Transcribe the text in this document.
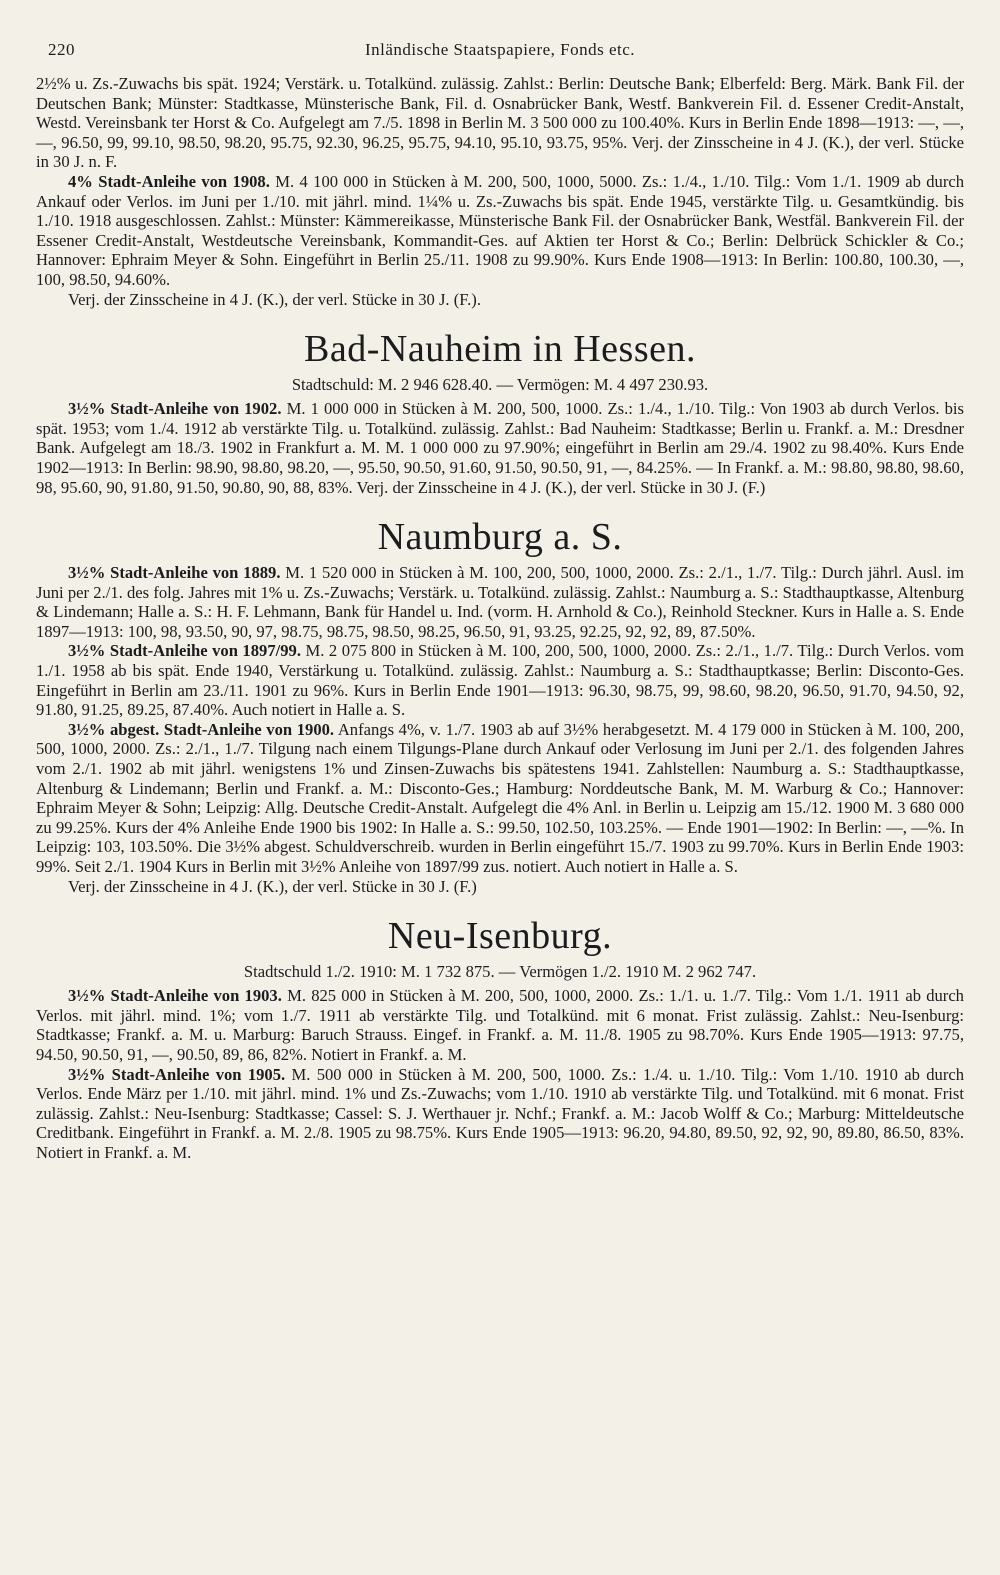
220	Inländische Staatspapiere, Fonds etc.

2½% u. Zs.-Zuwachs bis spät. 1924; Verstärk. u. Totalkünd. zulässig. Zahlst.: Berlin: Deutsche Bank; Elberfeld: Berg. Märk. Bank Fil. der Deutschen Bank; Münster: Stadtkasse, Münsterische Bank, Fil. d. Osnabrücker Bank, Westf. Bankverein Fil. d. Essener Credit-Anstalt, Westd. Vereinsbank ter Horst & Co. Aufgelegt am 7./5. 1898 in Berlin M. 3 500 000 zu 100.40%. Kurs in Berlin Ende 1898—1913: —, —, —, 96.50, 99, 99.10, 98.50, 98.20, 95.75, 92.30, 96.25, 95.75, 94.10, 95.10, 93.75, 95%. Verj. der Zinsscheine in 4 J. (K.), der verl. Stücke in 30 J. n. F.

4% Stadt-Anleihe von 1908. M. 4 100 000 in Stücken à M. 200, 500, 1000, 5000. Zs.: 1./4., 1./10. Tilg.: Vom 1./1. 1909 ab durch Ankauf oder Verlos. im Juni per 1./10. mit jährl. mind. 1¼% u. Zs.-Zuwachs bis spät. Ende 1945, verstärkte Tilg. u. Gesamtkündig. bis 1./10. 1918 ausgeschlossen. Zahlst.: Münster: Kämmereikasse, Münsterische Bank Fil. der Osnabrücker Bank, Westfäl. Bankverein Fil. der Essener Credit-Anstalt, Westdeutsche Vereinsbank, Kommandit-Ges. auf Aktien ter Horst & Co.; Berlin: Delbrück Schickler & Co.; Hannover: Ephraim Meyer & Sohn. Eingeführt in Berlin 25./11. 1908 zu 99.90%. Kurs Ende 1908—1913: In Berlin: 100.80, 100.30, —, 100, 98.50, 94.60%.

Verj. der Zinsscheine in 4 J. (K.), der verl. Stücke in 30 J. (F.).

Bad-Nauheim in Hessen.
Stadtschuld: M. 2 946 628.40. — Vermögen: M. 4 497 230.93.

3½% Stadt-Anleihe von 1902. M. 1 000 000 in Stücken à M. 200, 500, 1000. Zs.: 1./4., 1./10. Tilg.: Von 1903 ab durch Verlos. bis spät. 1953; vom 1./4. 1912 ab verstärkte Tilg. u. Totalkünd. zulässig. Zahlst.: Bad Nauheim: Stadtkasse; Berlin u. Frankf. a. M.: Dresdner Bank. Aufgelegt am 18./3. 1902 in Frankfurt a. M. M. 1 000 000 zu 97.90%; eingeführt in Berlin am 29./4. 1902 zu 98.40%. Kurs Ende 1902—1913: In Berlin: 98.90, 98.80, 98.20, —, 95.50, 90.50, 91.60, 91.50, 90.50, 91, —, 84.25%. — In Frankf. a. M.: 98.80, 98.80, 98.60, 98, 95.60, 90, 91.80, 91.50, 90.80, 90, 88, 83%. Verj. der Zinsscheine in 4 J. (K.), der verl. Stücke in 30 J. (F.)

Naumburg a. S.

3½% Stadt-Anleihe von 1889. M. 1 520 000 in Stücken à M. 100, 200, 500, 1000, 2000. Zs.: 2./1., 1./7. Tilg.: Durch jährl. Ausl. im Juni per 2./1. des folg. Jahres mit 1% u. Zs.-Zuwachs; Verstärk. u. Totalkünd. zulässig. Zahlst.: Naumburg a. S.: Stadthauptkasse, Altenburg & Lindemann; Halle a. S.: H. F. Lehmann, Bank für Handel u. Ind. (vorm. H. Arnhold & Co.), Reinhold Steckner. Kurs in Halle a. S. Ende 1897—1913: 100, 98, 93.50, 90, 97, 98.75, 98.75, 98.50, 98.25, 96.50, 91, 93.25, 92.25, 92, 92, 89, 87.50%.

3½% Stadt-Anleihe von 1897/99. M. 2 075 800 in Stücken à M. 100, 200, 500, 1000, 2000. Zs.: 2./1., 1./7. Tilg.: Durch Verlos. vom 1./1. 1958 ab bis spät. Ende 1940, Verstärkung u. Totalkünd. zulässig. Zahlst.: Naumburg a. S.: Stadthauptkasse; Berlin: Disconto-Ges. Eingeführt in Berlin am 23./11. 1901 zu 96%. Kurs in Berlin Ende 1901—1913: 96.30, 98.75, 99, 98.60, 98.20, 96.50, 91.70, 94.50, 92, 91.80, 91.25, 89.25, 87.40%. Auch notiert in Halle a. S.

3½% abgest. Stadt-Anleihe von 1900. Anfangs 4%, v. 1./7. 1903 ab auf 3½% herabgesetzt. M. 4 179 000 in Stücken à M. 100, 200, 500, 1000, 2000. Zs.: 2./1., 1./7. Tilgung nach einem Tilgungs-Plane durch Ankauf oder Verlosung im Juni per 2./1. des folgenden Jahres vom 2./1. 1902 ab mit jährl. wenigstens 1% und Zinsen-Zuwachs bis spätestens 1941. Zahlstellen: Naumburg a. S.: Stadthauptkasse, Altenburg & Lindemann; Berlin und Frankf. a. M.: Disconto-Ges.; Hamburg: Norddeutsche Bank, M. M. Warburg & Co.; Hannover: Ephraim Meyer & Sohn; Leipzig: Allg. Deutsche Credit-Anstalt. Aufgelegt die 4% Anl. in Berlin u. Leipzig am 15./12. 1900 M. 3 680 000 zu 99.25%. Kurs der 4% Anleihe Ende 1900 bis 1902: In Halle a. S.: 99.50, 102.50, 103.25%. — Ende 1901—1902: In Berlin: —, —%. In Leipzig: 103, 103.50%. Die 3½% abgest. Schuldverschreib. wurden in Berlin eingeführt 15./7. 1903 zu 99.70%. Kurs in Berlin Ende 1903: 99%. Seit 2./1. 1904 Kurs in Berlin mit 3½% Anleihe von 1897/99 zus. notiert. Auch notiert in Halle a. S.

Verj. der Zinsscheine in 4 J. (K.), der verl. Stücke in 30 J. (F.)

Neu-Isenburg.
Stadtschuld 1./2. 1910: M. 1 732 875. — Vermögen 1./2. 1910 M. 2 962 747.

3½% Stadt-Anleihe von 1903. M. 825 000 in Stücken à M. 200, 500, 1000, 2000. Zs.: 1./1. u. 1./7. Tilg.: Vom 1./1. 1911 ab durch Verlos. mit jährl. mind. 1%; vom 1./7. 1911 ab verstärkte Tilg. und Totalkünd. mit 6 monat. Frist zulässig. Zahlst.: Neu-Isenburg: Stadtkasse; Frankf. a. M. u. Marburg: Baruch Strauss. Eingef. in Frankf. a. M. 11./8. 1905 zu 98.70%. Kurs Ende 1905—1913: 97.75, 94.50, 90.50, 91, —, 90.50, 89, 86, 82%. Notiert in Frankf. a. M.

3½% Stadt-Anleihe von 1905. M. 500 000 in Stücken à M. 200, 500, 1000. Zs.: 1./4. u. 1./10. Tilg.: Vom 1./10. 1910 ab durch Verlos. Ende März per 1./10. mit jährl. mind. 1% und Zs.-Zuwachs; vom 1./10. 1910 ab verstärkte Tilg. und Totalkünd. mit 6 monat. Frist zulässig. Zahlst.: Neu-Isenburg: Stadtkasse; Cassel: S. J. Werthauer jr. Nchf.; Frankf. a. M.: Jacob Wolff & Co.; Marburg: Mitteldeutsche Creditbank. Eingeführt in Frankf. a. M. 2./8. 1905 zu 98.75%. Kurs Ende 1905—1913: 96.20, 94.80, 89.50, 92, 92, 90, 89.80, 86.50, 83%. Notiert in Frankf. a. M.
